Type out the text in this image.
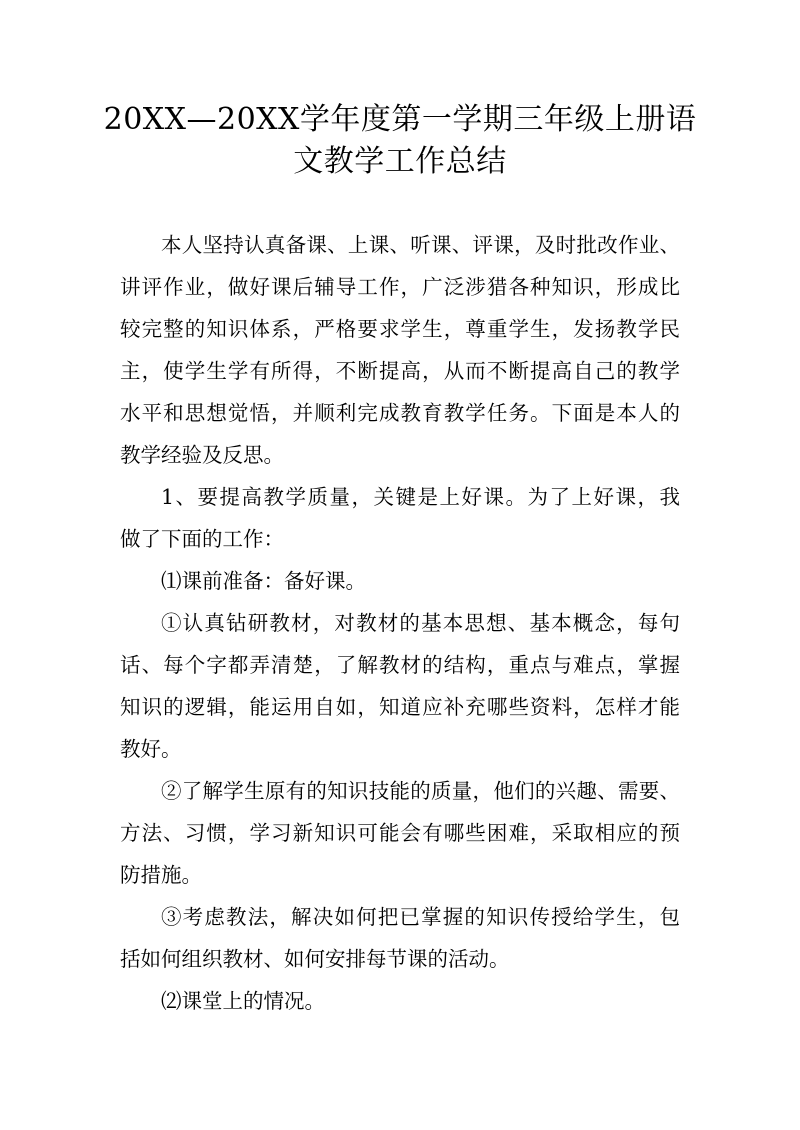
20XX—20XX学年度第一学期三年级上册语
文教学工作总结
本人坚持认真备课、上课、听课、评课，及时批改作业、
讲评作业，做好课后辅导工作，广泛涉猎各种知识，形成比
较完整的知识体系，严格要求学生，尊重学生，发扬教学民
主，使学生学有所得，不断提高，从而不断提高自己的教学
水平和思想觉悟，并顺利完成教育教学任务。下面是本人的
教学经验及反思。
1、要提高教学质量，关键是上好课。为了上好课，我
做了下面的工作：
⑴课前准备：备好课。
①认真钻研教材，对教材的基本思想、基本概念，每句
话、每个字都弄清楚，了解教材的结构，重点与难点，掌握
知识的逻辑，能运用自如，知道应补充哪些资料，怎样才能
教好。
②了解学生原有的知识技能的质量，他们的兴趣、需要、
方法、习惯，学习新知识可能会有哪些困难，采取相应的预
防措施。
③考虑教法，解决如何把已掌握的知识传授给学生，包
括如何组织教材、如何安排每节课的活动。
⑵课堂上的情况。
